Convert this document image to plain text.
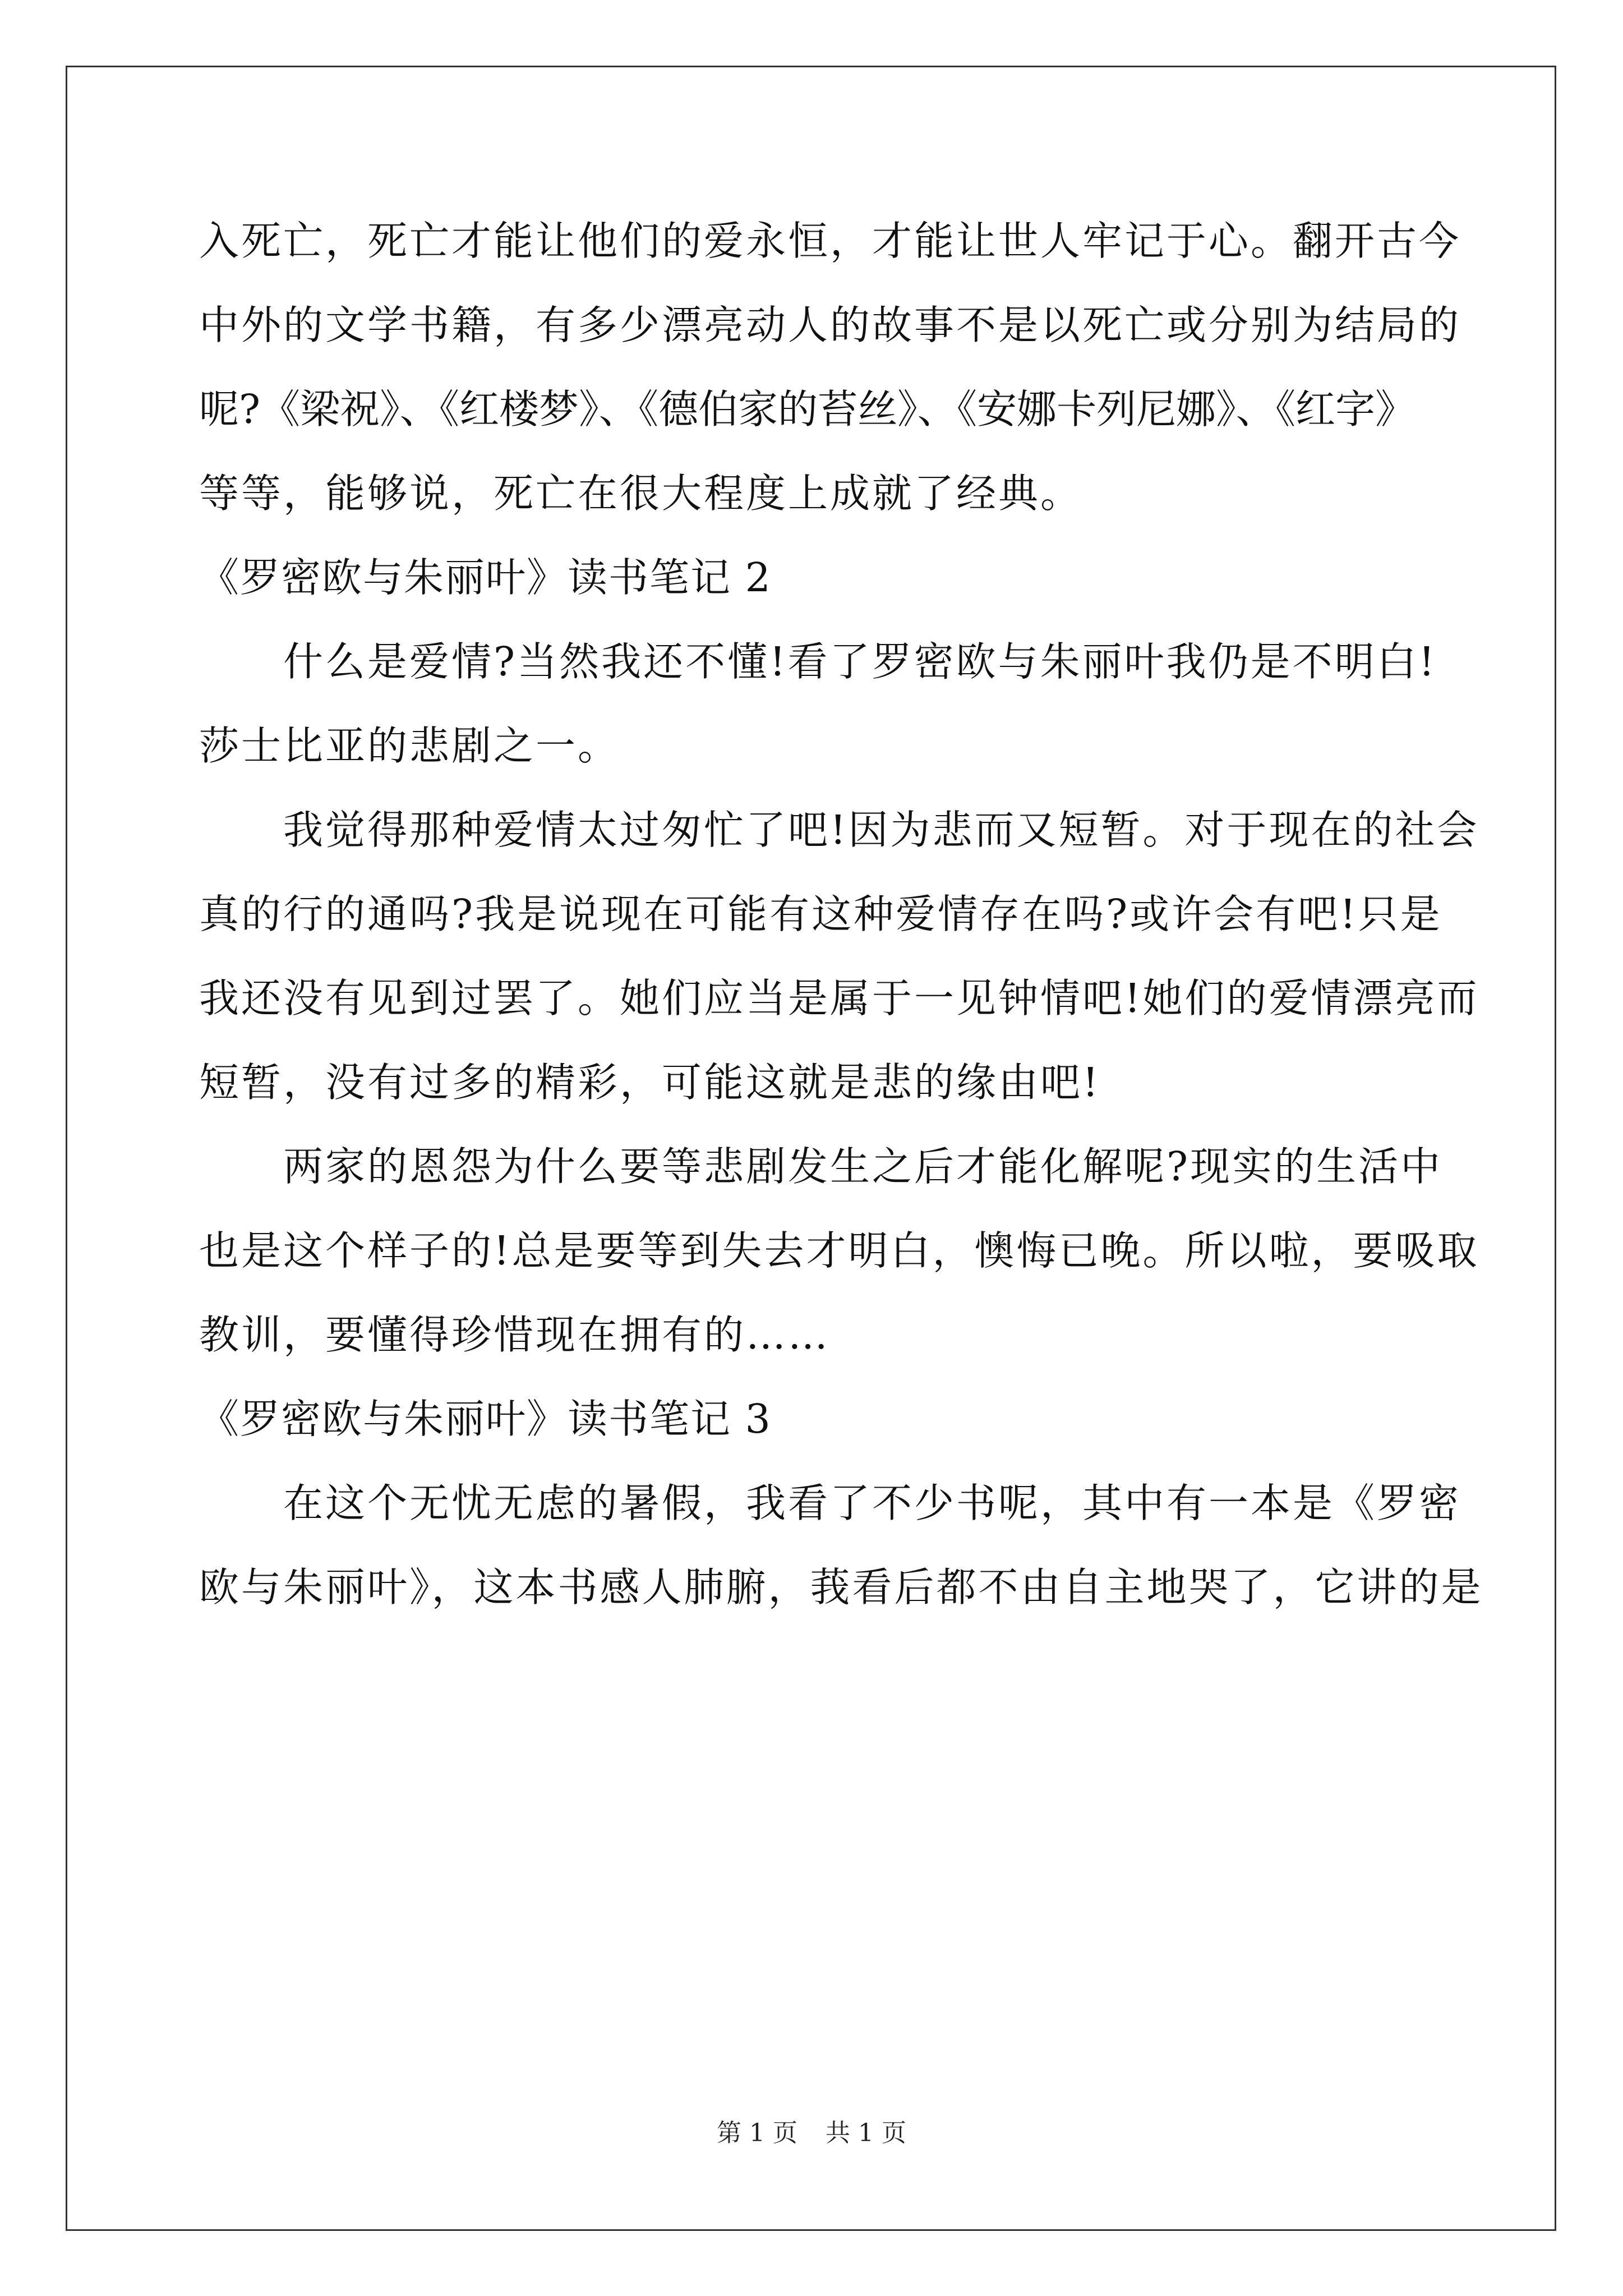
入死亡，死亡才能让他们的爱永恒，才能让世人牢记于心。翻开古今
中外的文学书籍，有多少漂亮动人的故事不是以死亡或分别为结局的
呢?《梁祝》、《红楼梦》、《德伯家的苔丝》、《安娜卡列尼娜》、《红字》
等等，能够说，死亡在很大程度上成就了经典。
《罗密欧与朱丽叶》读书笔记 2
什么是爱情?当然我还不懂!看了罗密欧与朱丽叶我仍是不明白!
莎士比亚的悲剧之一。
我觉得那种爱情太过匆忙了吧!因为悲而又短暂。对于现在的社会
真的行的通吗?我是说现在可能有这种爱情存在吗?或许会有吧!只是
我还没有见到过罢了。她们应当是属于一见钟情吧!她们的爱情漂亮而
短暂，没有过多的精彩，可能这就是悲的缘由吧!
两家的恩怨为什么要等悲剧发生之后才能化解呢?现实的生活中
也是这个样子的!总是要等到失去才明白，懊悔已晚。所以啦，要吸取
教训，要懂得珍惜现在拥有的……
《罗密欧与朱丽叶》读书笔记 3
在这个无忧无虑的暑假，我看了不少书呢，其中有一本是《罗密
欧与朱丽叶》，这本书感人肺腑，莪看后都不由自主地哭了，它讲的是
第 1 页 共 1 页
